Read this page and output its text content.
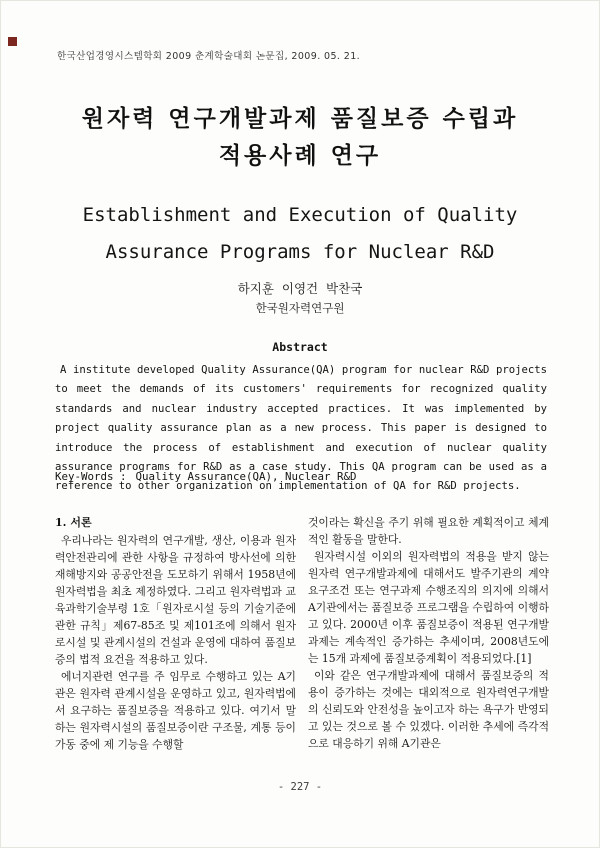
한국산업경영시스템학회 2009 춘계학술대회 논문집, 2009. 05. 21.
원자력 연구개발과제 품질보증 수립과
적용사례 연구
Establishment and Execution of Quality
Assurance Programs for Nuclear R&D
하지훈  이영건  박찬국
한국원자력연구원
Abstract

A institute developed Quality Assurance(QA) program for nuclear R&D projects to meet the demands of its customers' requirements for recognized quality standards and nuclear industry accepted practices. It was implemented by project quality assurance plan as a new process. This paper is designed to introduce the process of establishment and execution of nuclear quality assurance programs for R&D as a case study. This QA program can be used as a reference to other organization on implementation of QA for R&D projects.

Key-Words : Quality Assurance(QA), Nuclear R&D

1. 서론

우리나라는 원자력의 연구개발, 생산, 이용과 원자력안전관리에 관한 사항을 규정하여 방사선에 의한 재해방지와 공공안전을 도모하기 위해서 1958년에 원자력법을 최초 제정하였다. 그리고 원자력법과 교육과학기술부령 1호「원자로시설 등의 기술기준에 관한 규칙」제67-85조 및 제101조에 의해서 원자로시설 및 관계시설의 건설과 운영에 대하여 품질보증의 법적 요건을 적용하고 있다.

에너지관련 연구를 주 임무로 수행하고 있는 A기관은 원자력 관계시설을 운영하고 있고, 원자력법에서 요구하는 품질보증을 적용하고 있다. 여기서 말하는 원자력시설의 품질보증이란 구조물, 계통 등이 가동 중에 제 기능을 수행할

것이라는 확신을 주기 위해 필요한 계획적이고 체계적인 활동을 말한다.

원자력시설 이외의 원자력법의 적용을 받지 않는 원자력 연구개발과제에 대해서도 발주기관의 계약 요구조건 또는 연구과제 수행조직의 의지에 의해서 A기관에서는 품질보증 프로그램을 수립하여 이행하고 있다. 2000년 이후 품질보증이 적용된 연구개발과제는 계속적인 증가하는 추세이며, 2008년도에는 15개 과제에 품질보증계획이 적용되었다.[1]

이와 같은 연구개발과제에 대해서 품질보증의 적용이 증가하는 것에는 대외적으로 원자력연구개발의 신뢰도와 안전성을 높이고자 하는 욕구가 반영되고 있는 것으로 볼 수 있겠다. 이러한 추세에 즉각적으로 대응하기 위해 A기관은

- 227 -
